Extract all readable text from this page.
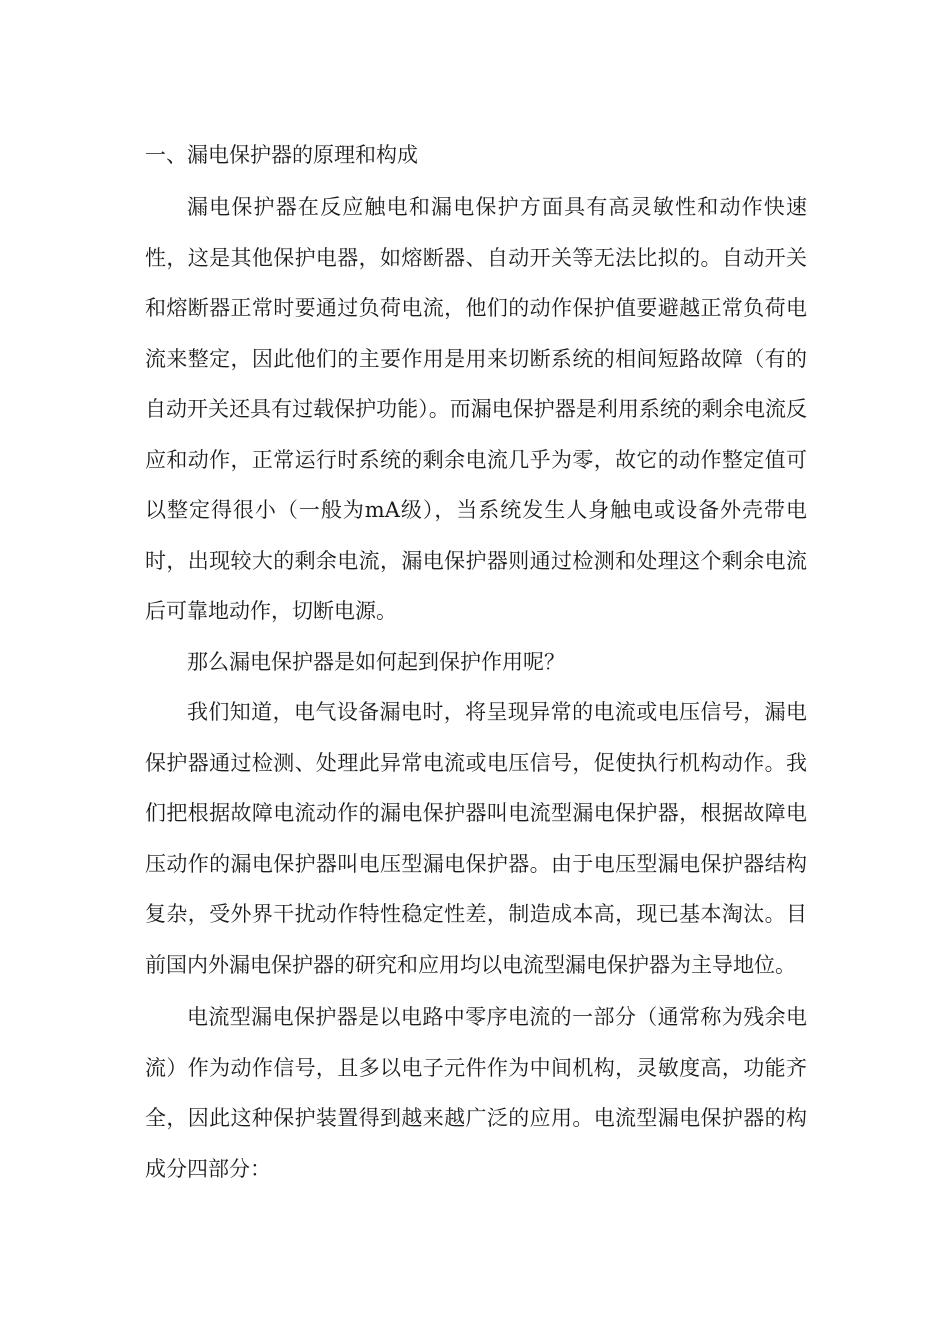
一、漏电保护器的原理和构成

漏电保护器在反应触电和漏电保护方面具有高灵敏性和动作快速性，这是其他保护电器，如熔断器、自动开关等无法比拟的。自动开关和熔断器正常时要通过负荷电流，他们的动作保护值要避越正常负荷电流来整定，因此他们的主要作用是用来切断系统的相间短路故障（有的自动开关还具有过载保护功能）。而漏电保护器是利用系统的剩余电流反应和动作，正常运行时系统的剩余电流几乎为零，故它的动作整定值可以整定得很小（一般为mA级），当系统发生人身触电或设备外壳带电时，出现较大的剩余电流，漏电保护器则通过检测和处理这个剩余电流后可靠地动作，切断电源。

那么漏电保护器是如何起到保护作用呢？

我们知道，电气设备漏电时，将呈现异常的电流或电压信号，漏电保护器通过检测、处理此异常电流或电压信号，促使执行机构动作。我们把根据故障电流动作的漏电保护器叫电流型漏电保护器，根据故障电压动作的漏电保护器叫电压型漏电保护器。由于电压型漏电保护器结构复杂，受外界干扰动作特性稳定性差，制造成本高，现已基本淘汰。目前国内外漏电保护器的研究和应用均以电流型漏电保护器为主导地位。

电流型漏电保护器是以电路中零序电流的一部分（通常称为残余电流）作为动作信号，且多以电子元件作为中间机构，灵敏度高，功能齐全，因此这种保护装置得到越来越广泛的应用。电流型漏电保护器的构成分四部分：
